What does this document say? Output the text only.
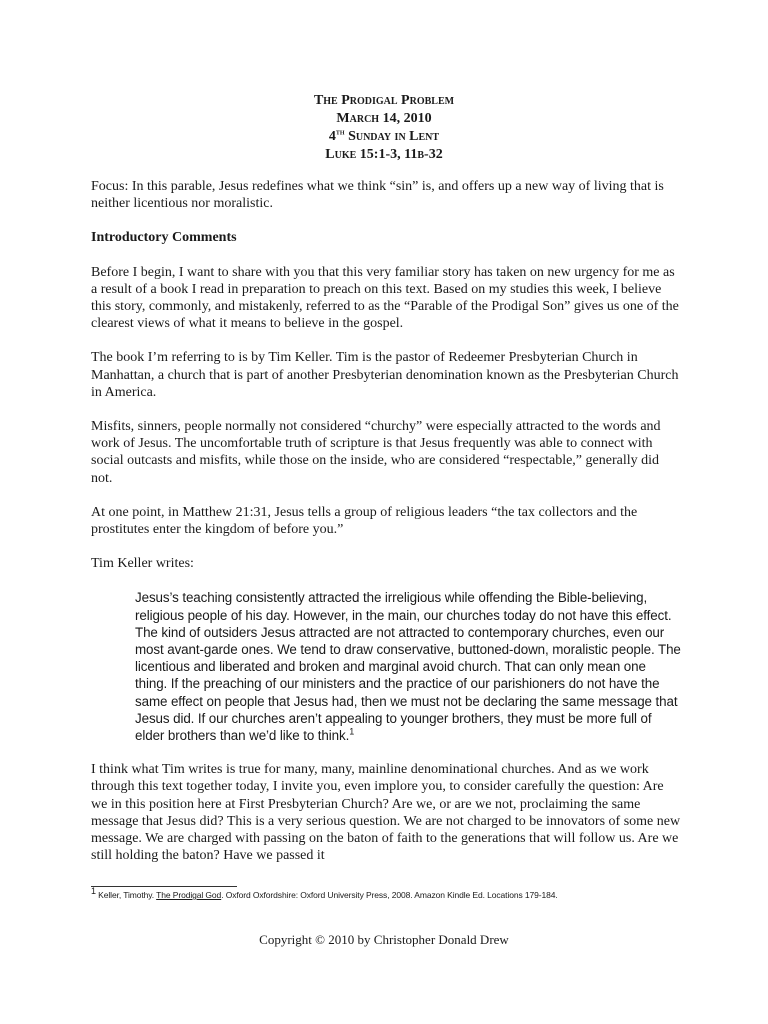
The Prodigal Problem
March 14, 2010
4th Sunday in Lent
Luke 15:1-3, 11b-32

Focus: In this parable, Jesus redefines what we think “sin” is, and offers up a new way of living that is neither licentious nor moralistic.

Introductory Comments

Before I begin, I want to share with you that this very familiar story has taken on new urgency for me as a result of a book I read in preparation to preach on this text. Based on my studies this week, I believe this story, commonly, and mistakenly, referred to as the “Parable of the Prodigal Son” gives us one of the clearest views of what it means to believe in the gospel.

The book I’m referring to is by Tim Keller. Tim is the pastor of Redeemer Presbyterian Church in Manhattan, a church that is part of another Presbyterian denomination known as the Presbyterian Church in America.

Misfits, sinners, people normally not considered “churchy” were especially attracted to the words and work of Jesus. The uncomfortable truth of scripture is that Jesus frequently was able to connect with social outcasts and misfits, while those on the inside, who are considered “respectable,” generally did not.

At one point, in Matthew 21:31, Jesus tells a group of religious leaders “the tax collectors and the prostitutes enter the kingdom of before you.”

Tim Keller writes:

Jesus’s teaching consistently attracted the irreligious while offending the Bible-believing, religious people of his day. However, in the main, our churches today do not have this effect. The kind of outsiders Jesus attracted are not attracted to contemporary churches, even our most avant-garde ones. We tend to draw conservative, buttoned-down, moralistic people. The licentious and liberated and broken and marginal avoid church. That can only mean one thing. If the preaching of our ministers and the practice of our parishioners do not have the same effect on people that Jesus had, then we must not be declaring the same message that Jesus did. If our churches aren’t appealing to younger brothers, they must be more full of elder brothers than we’d like to think.$^1$

I think what Tim writes is true for many, many, mainline denominational churches. And as we work through this text together today, I invite you, even implore you, to consider carefully the question: Are we in this position here at First Presbyterian Church? Are we, or are we not, proclaiming the same message that Jesus did? This is a very serious question. We are not charged to be innovators of some new message. We are charged with passing on the baton of faith to the generations that will follow us. Are we still holding the baton? Have we passed it

$^1$ Keller, Timothy. The Prodigal God. Oxford Oxfordshire: Oxford University Press, 2008. Amazon Kindle Ed. Locations 179-184.
Copyright © 2010 by Christopher Donald Drew
